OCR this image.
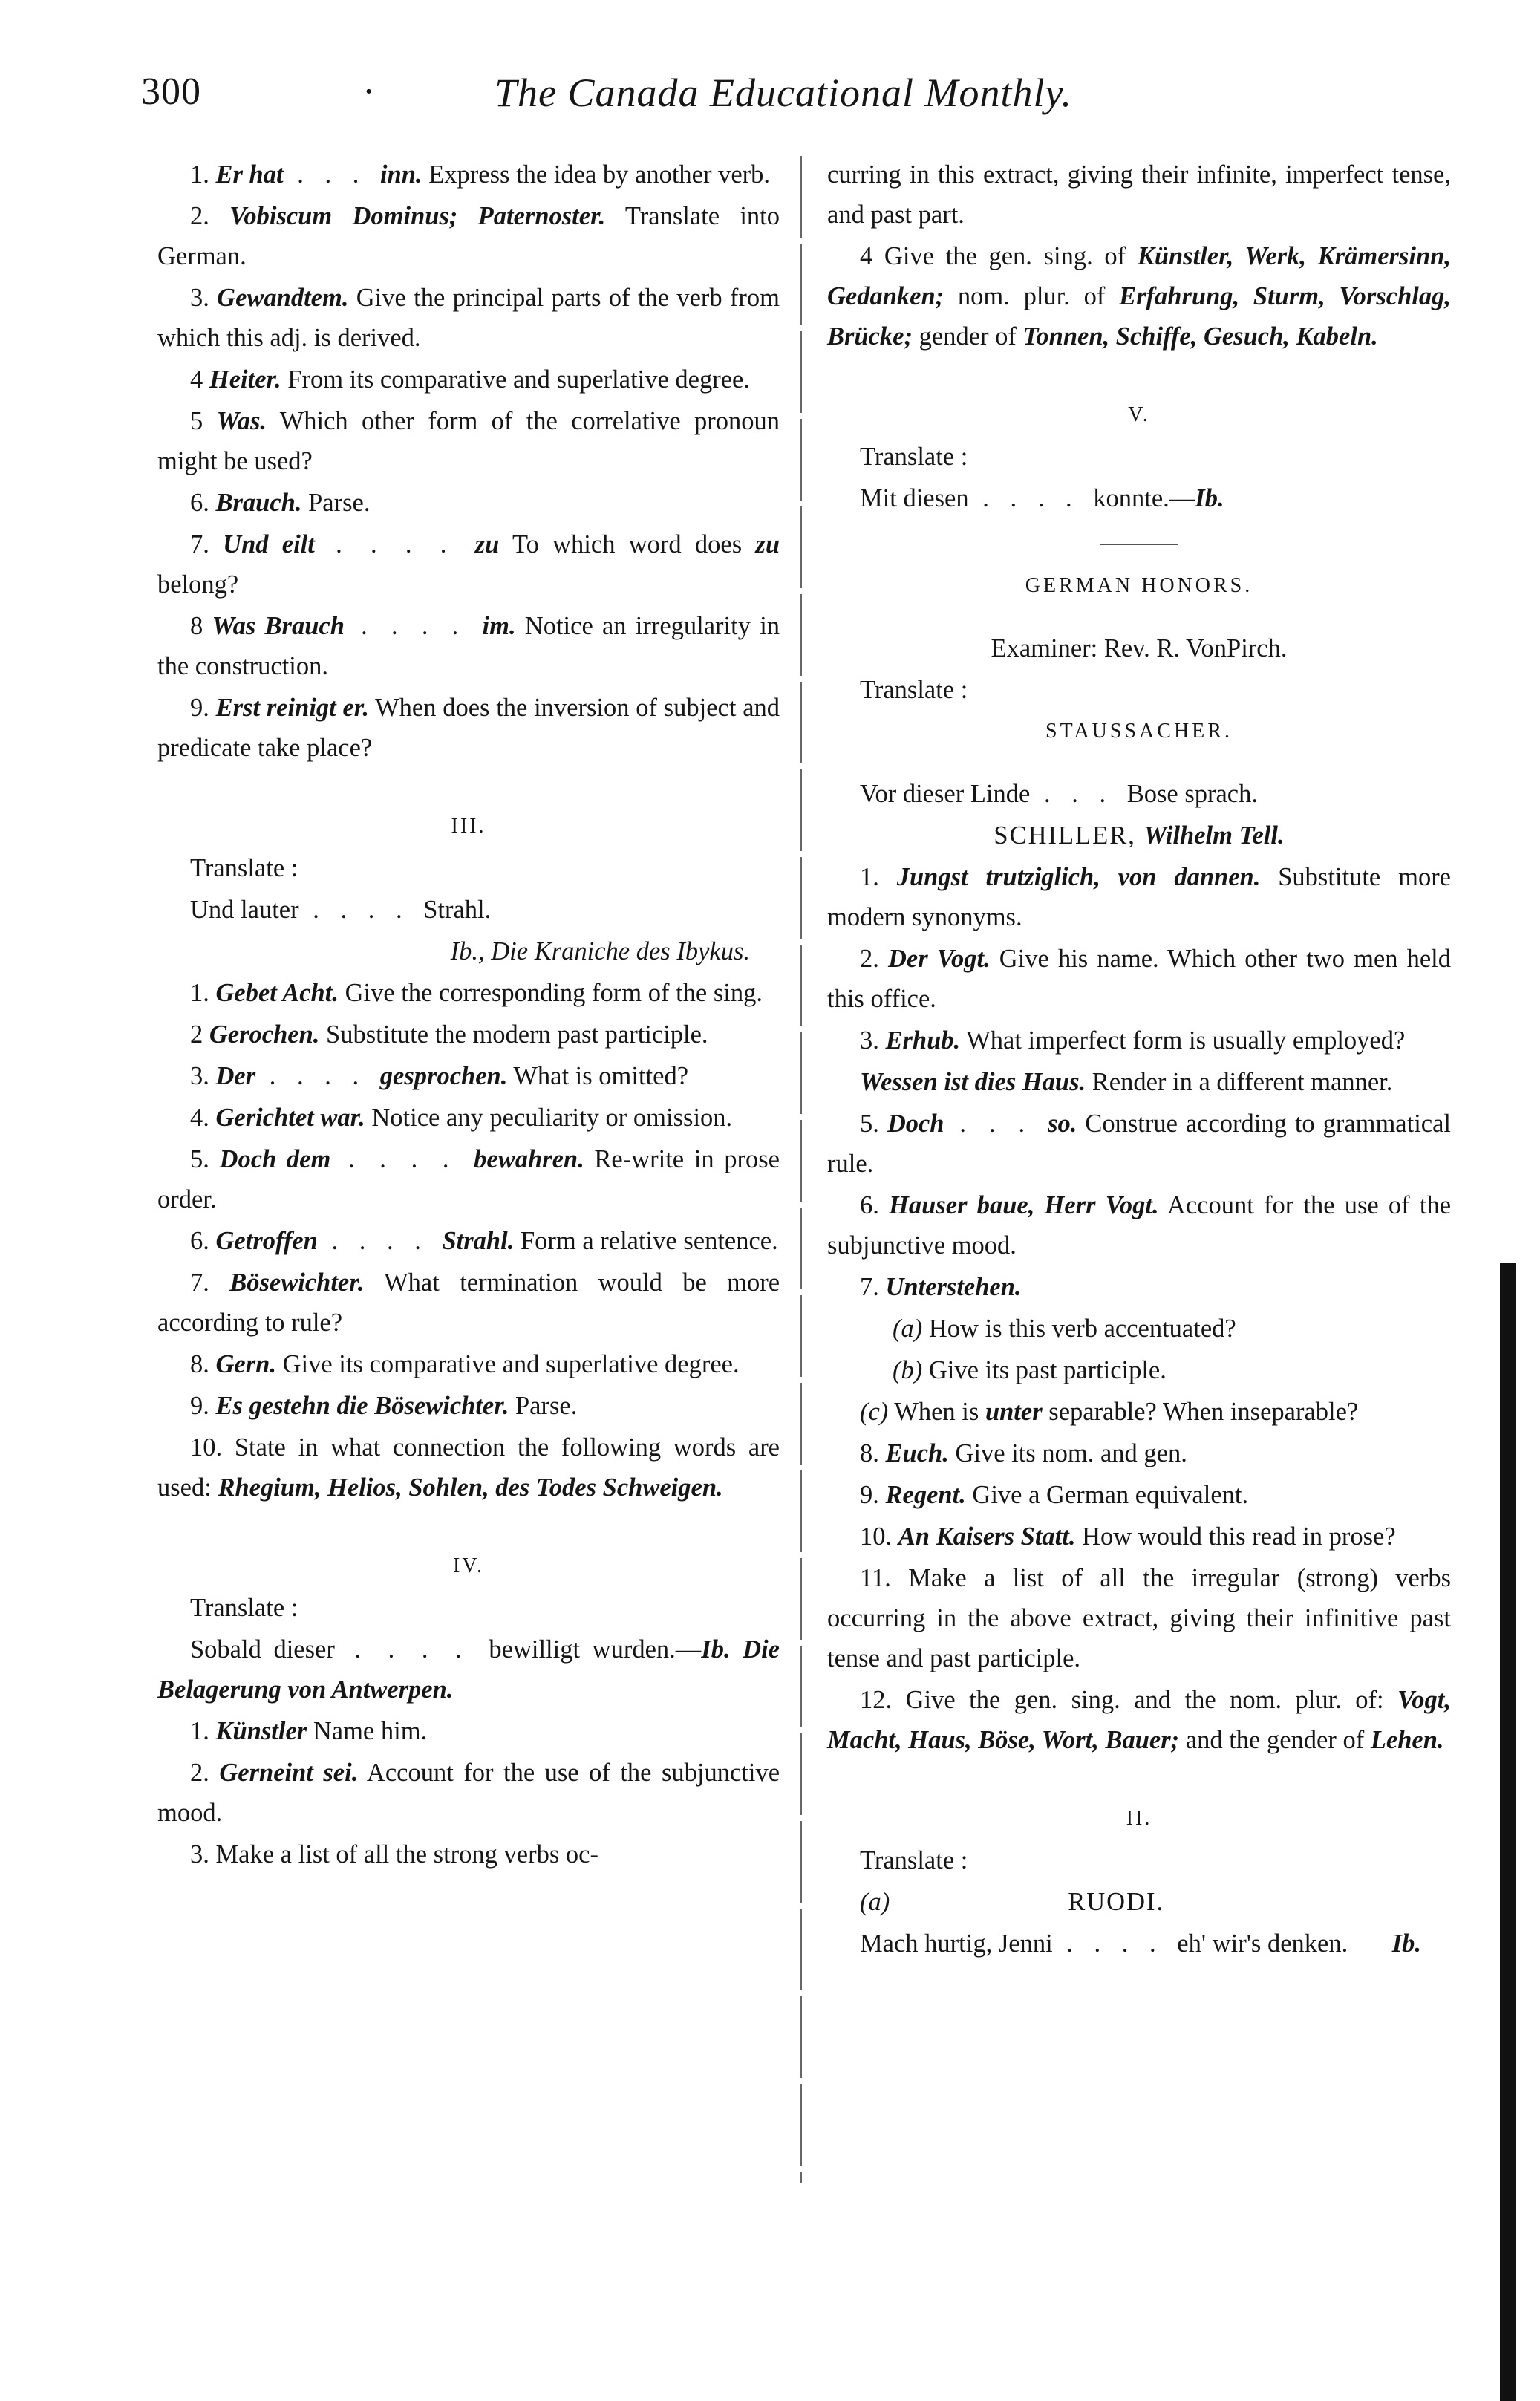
300	·	The Canada Educational Monthly.

1. Er hat . . . inn. Express the idea by another verb.

2. Vobiscum Dominus; Paternoster. Translate into German.

3. Gewandtem. Give the principal parts of the verb from which this adj. is derived.

4 Heiter. From its comparative and superlative degree.

5 Was. Which other form of the correlative pronoun might be used?

6. Brauch. Parse.

7. Und eilt . . . . zu To which word does zu belong?

8 Was Brauch . . . . im. Notice an irregularity in the construction.

9. Erst reinigt er. When does the inversion of subject and predicate take place?

III.

Translate :

Und lauter . . . . Strahl.

Ib., Die Kraniche des Ibykus.

1. Gebet Acht. Give the corresponding form of the sing.

2 Gerochen. Substitute the modern past participle.

3. Der . . . . gesprochen. What is omitted?

4. Gerichtet war. Notice any peculiarity or omission.

5. Doch dem . . . . bewahren. Re-write in prose order.

6. Getroffen . . . . Strahl. Form a relative sentence.

7. Bösewichter. What termination would be more according to rule?

8. Gern. Give its comparative and superlative degree.

9. Es gestehn die Bösewichter. Parse.

10. State in what connection the following words are used: Rhegium, Helios, Sohlen, des Todes Schweigen.

IV.

Translate :

Sobald dieser . . . . bewilligt wurden.—Ib. Die Belagerung von Antwerpen.

1. Künstler Name him.

2. Gerneint sei. Account for the use of the subjunctive mood.

3. Make a list of all the strong verbs oc-

curring in this extract, giving their infinite, imperfect tense, and past part.

4 Give the gen. sing. of Künstler, Werk, Krämersinn, Gedanken; nom. plur. of Erfahrung, Sturm, Vorschlag, Brücke; gender of Tonnen, Schiffe, Gesuch, Kabeln.

V.

Translate :

Mit diesen . . . . konnte.—Ib.

GERMAN HONORS.

Examiner: Rev. R. VonPirch.

Translate :

STAUSSACHER.

Vor dieser Linde . . . Bose sprach.

SCHILLER, Wilhelm Tell.

1. Jungst trutziglich, von dannen. Substitute more modern synonyms.

2. Der Vogt. Give his name. Which other two men held this office.

3. Erhub. What imperfect form is usually employed?

Wessen ist dies Haus. Render in a different manner.

5. Doch . . . so. Construe according to grammatical rule.

6. Hauser baue, Herr Vogt. Account for the use of the subjunctive mood.

7. Unterstehen.

(a) How is this verb accentuated?

(b) Give its past participle.

(c) When is unter separable? When inseparable?

8. Euch. Give its nom. and gen.

9. Regent. Give a German equivalent.

10. An Kaisers Statt. How would this read in prose?

11. Make a list of all the irregular (strong) verbs occurring in the above extract, giving their infinitive past tense and past participle.

12. Give the gen. sing. and the nom. plur. of: Vogt, Macht, Haus, Böse, Wort, Bauer; and the gender of Lehen.

II.

Translate :

(a)	RUODI.

Mach hurtig, Jenni . . . . eh' wir's denken.	Ib.
